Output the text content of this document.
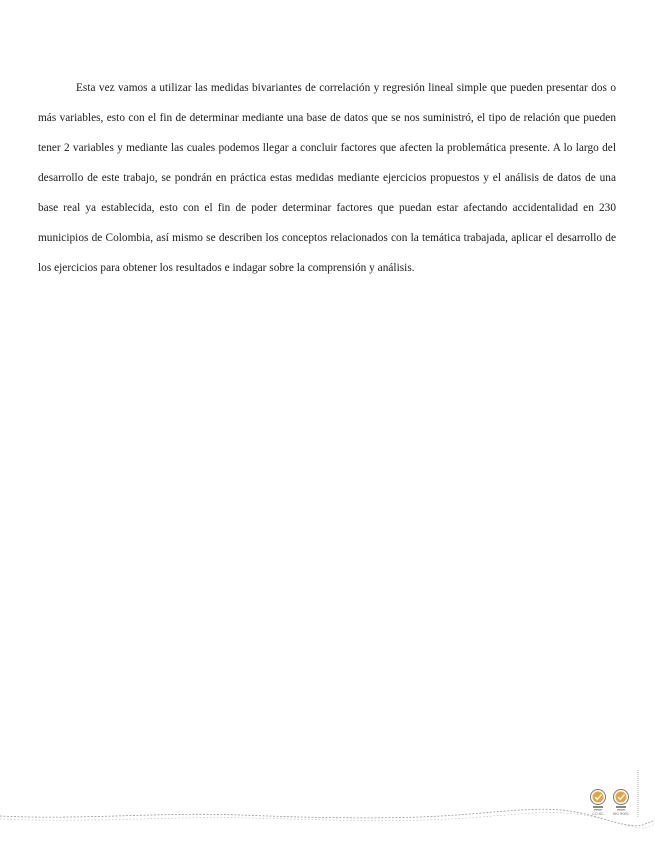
Esta vez vamos a utilizar las medidas bivariantes de correlación y regresión lineal simple que pueden presentar dos o más variables, esto con el fin de determinar mediante una base de datos que se nos suministró, el tipo de relación que pueden tener 2 variables y mediante las cuales podemos llegar a concluir factores que afecten la problemática presente. A lo largo del desarrollo de este trabajo, se pondrán en práctica estas medidas mediante ejercicios propuestos y el análisis de datos de una base real ya establecida, esto con el fin de poder determinar factores que puedan estar afectando accidentalidad en 230 municipios de Colombia, así mismo se describen los conceptos relacionados con la temática trabajada, aplicar el desarrollo de los ejercicios para obtener los resultados e indagar sobre la comprensión y análisis.

CO-SC	ISO 9001
